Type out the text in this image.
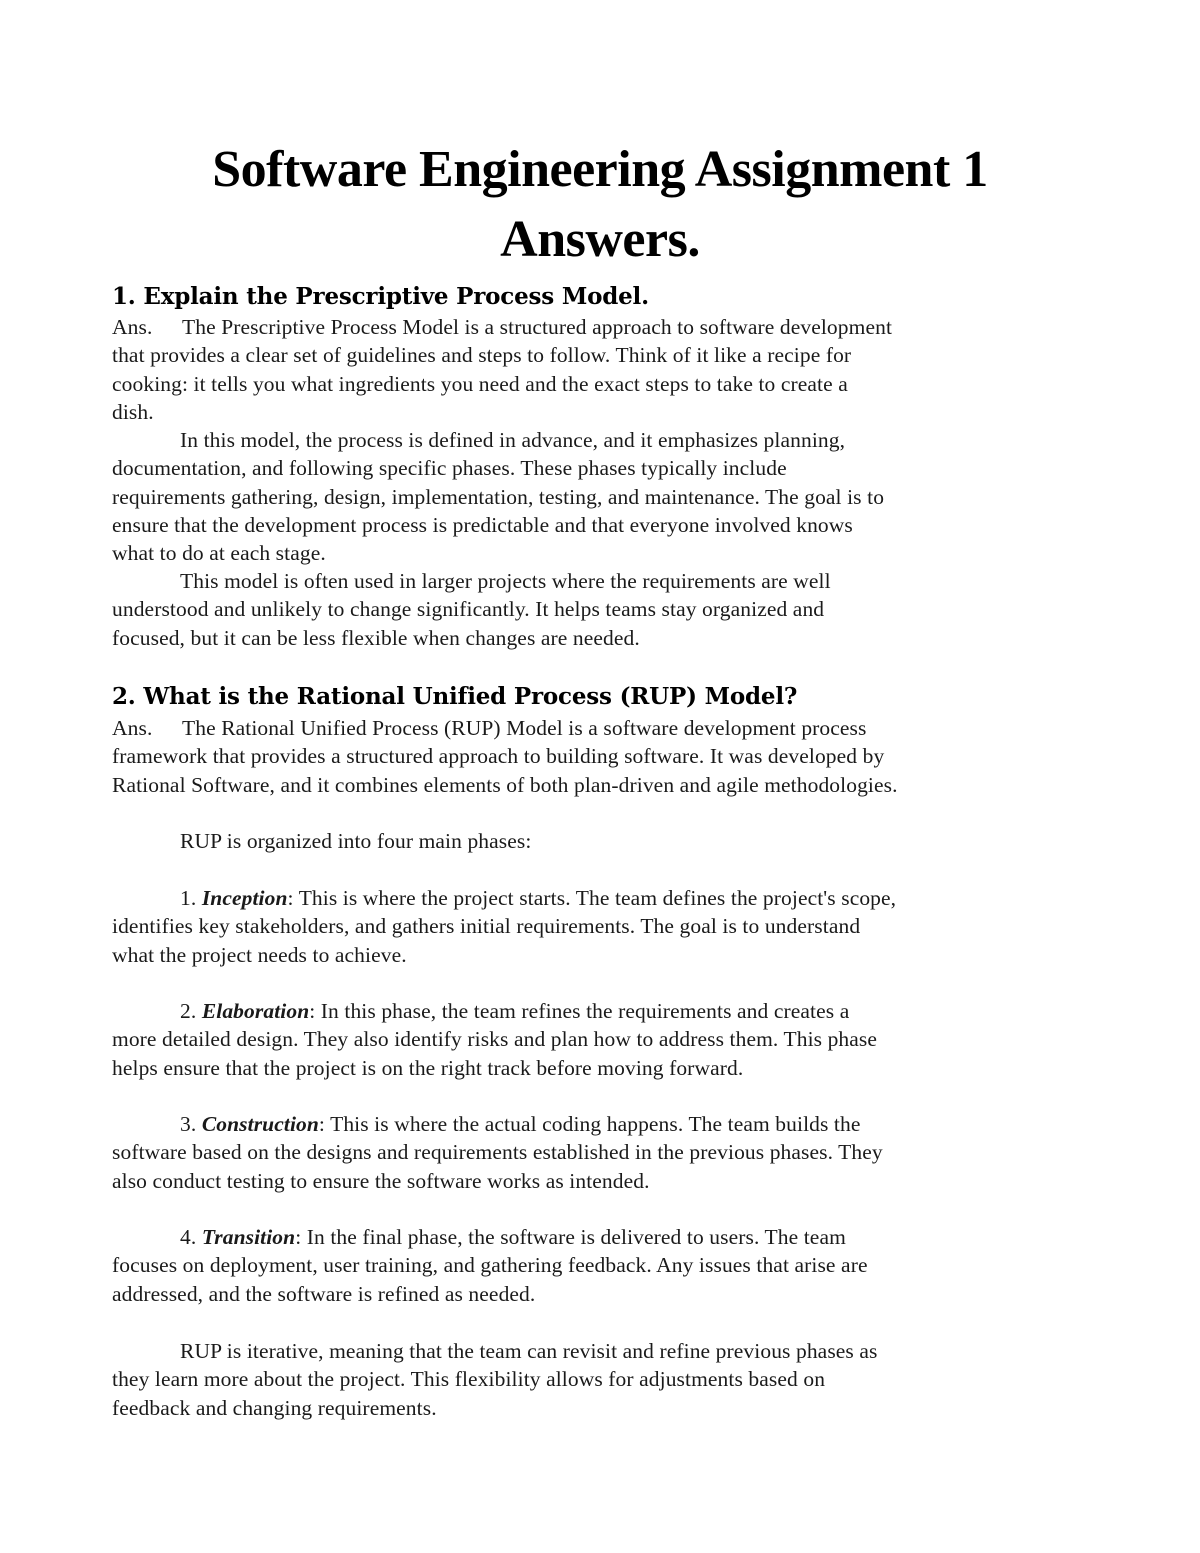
Software Engineering Assignment 1
Answers.
1. Explain the Prescriptive Process Model.
Ans. The Prescriptive Process Model is a structured approach to software development
that provides a clear set of guidelines and steps to follow. Think of it like a recipe for
cooking: it tells you what ingredients you need and the exact steps to take to create a
dish.
In this model, the process is defined in advance, and it emphasizes planning,
documentation, and following specific phases. These phases typically include
requirements gathering, design, implementation, testing, and maintenance. The goal is to
ensure that the development process is predictable and that everyone involved knows
what to do at each stage.
This model is often used in larger projects where the requirements are well
understood and unlikely to change significantly. It helps teams stay organized and
focused, but it can be less flexible when changes are needed.
2. What is the Rational Unified Process (RUP) Model?
Ans. The Rational Unified Process (RUP) Model is a software development process
framework that provides a structured approach to building software. It was developed by
Rational Software, and it combines elements of both plan-driven and agile methodologies.
RUP is organized into four main phases:
1. Inception: This is where the project starts. The team defines the project's scope,
identifies key stakeholders, and gathers initial requirements. The goal is to understand
what the project needs to achieve.
2. Elaboration: In this phase, the team refines the requirements and creates a
more detailed design. They also identify risks and plan how to address them. This phase
helps ensure that the project is on the right track before moving forward.
3. Construction: This is where the actual coding happens. The team builds the
software based on the designs and requirements established in the previous phases. They
also conduct testing to ensure the software works as intended.
4. Transition: In the final phase, the software is delivered to users. The team
focuses on deployment, user training, and gathering feedback. Any issues that arise are
addressed, and the software is refined as needed.
RUP is iterative, meaning that the team can revisit and refine previous phases as
they learn more about the project. This flexibility allows for adjustments based on
feedback and changing requirements.
